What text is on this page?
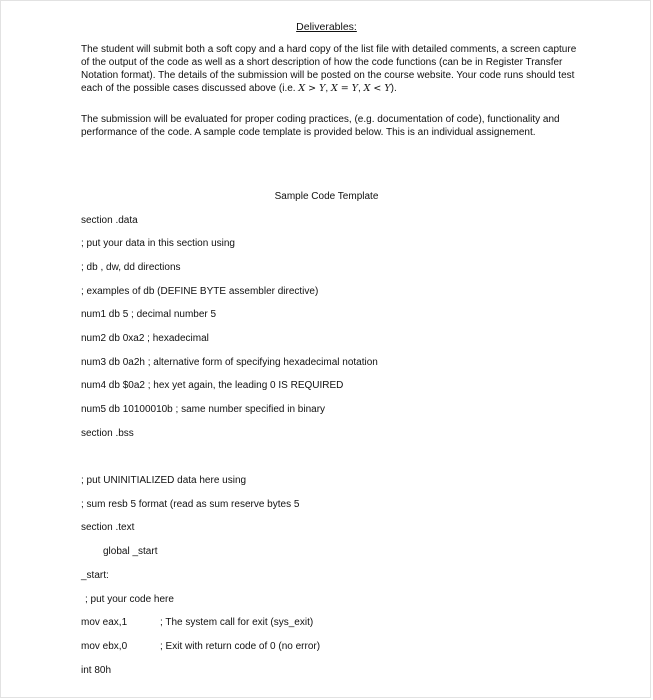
Deliverables:
The student will submit both a soft copy and a hard copy of the list file with detailed comments, a screen capture of the output of the code as well as a short description of how the code functions (can be in Register Transfer Notation format). The details of the submission will be posted on the course website. Your code runs should test each of the possible cases discussed above (i.e. X > Y, X = Y, X < Y).
The submission will be evaluated for proper coding practices, (e.g. documentation of code), functionality and performance of the code. A sample code template is provided below. This is an individual assignement.
Sample Code Template
section .data
; put your data in this section using
; db , dw, dd directions
; examples of db (DEFINE BYTE assembler directive)
num1 db 5 ; decimal number 5
num2 db 0xa2 ; hexadecimal
num3 db 0a2h ; alternative form of specifying hexadecimal notation
num4 db $0a2 ; hex yet again, the leading 0 IS REQUIRED
num5 db 10100010b ; same number specified in binary
section .bss
; put UNINITIALIZED data here using
; sum resb 5 format (read as sum reserve bytes 5
section .text
global _start
_start:
; put your code here
mov eax,1	; The system call for exit (sys_exit)
mov ebx,0	; Exit with return code of 0 (no error)
int 80h
